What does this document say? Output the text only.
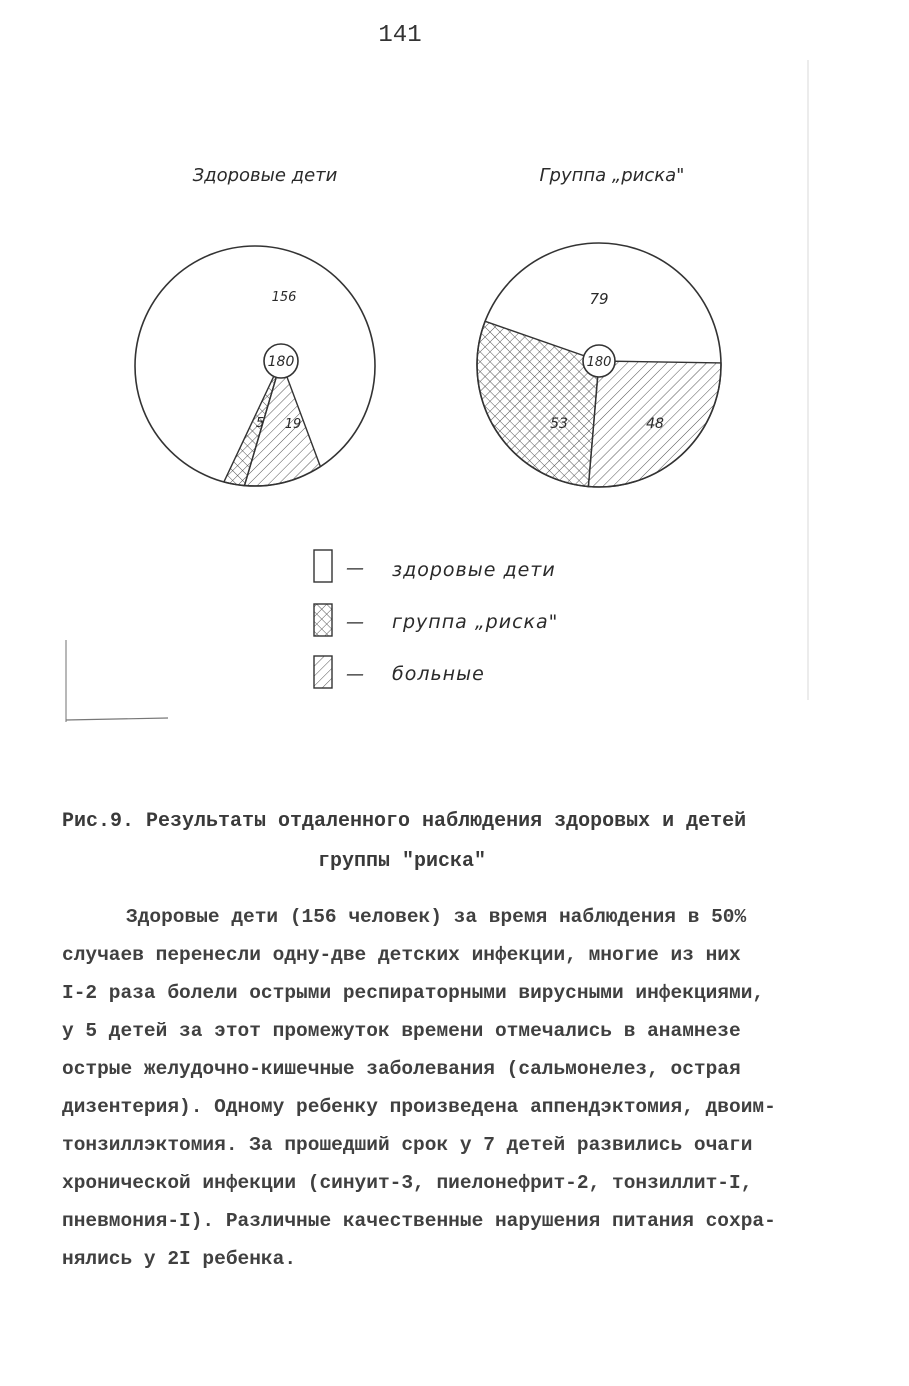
141
Здоровые дети	Группа „риска"
180
156
5 19
180
79
53	48
— здоровые дети
— группа „риска"
— больные
Рис.9. Результаты отдаленного наблюдения здоровых и детей
группы "риска"
Здоровые дети (156 человек) за время наблюдения в 50%
случаев перенесли одну-две детских инфекции, многие из них
I-2 раза болели острыми респираторными вирусными инфекциями,
у 5 детей за этот промежуток времени отмечались в анамнезе
острые желудочно-кишечные заболевания (сальмонелез, острая
дизентерия). Одному ребенку произведена аппендэктомия, двоим-
тонзиллэктомия. За прошедший срок у 7 детей развились очаги
хронической инфекции (синуит-3, пиелонефрит-2, тонзиллит-I,
пневмония-I). Различные качественные нарушения питания сохра-
нялись у 2I ребенка.
